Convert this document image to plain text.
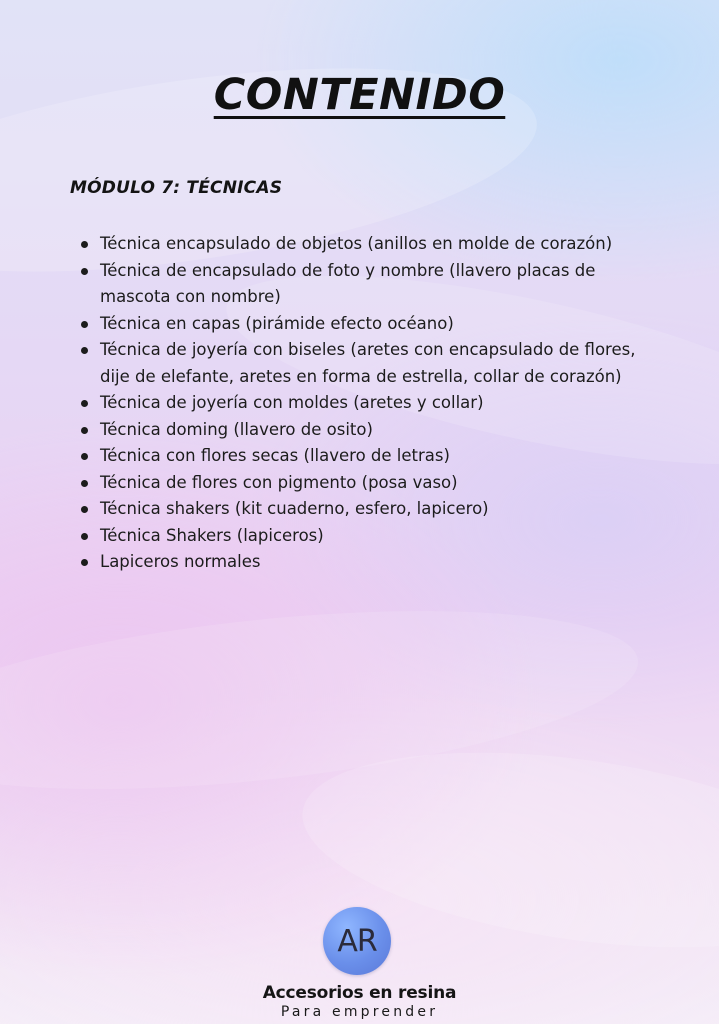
CONTENIDO
MÓDULO 7: TÉCNICAS
Técnica encapsulado de objetos (anillos en molde de corazón)
Técnica de encapsulado de foto y nombre (llavero placas de mascota con nombre)
Técnica en capas (pirámide efecto océano)
Técnica de joyería con biseles (aretes con encapsulado de flores, dije de elefante, aretes en forma de estrella, collar de corazón)
Técnica de joyería con moldes (aretes y collar)
Técnica doming (llavero de osito)
Técnica con flores secas (llavero de letras)
Técnica de flores con pigmento (posa vaso)
Técnica shakers (kit cuaderno, esfero, lapicero)
Técnica Shakers (lapiceros)
Lapiceros normales
AR
Accesorios en resina
Para emprender
